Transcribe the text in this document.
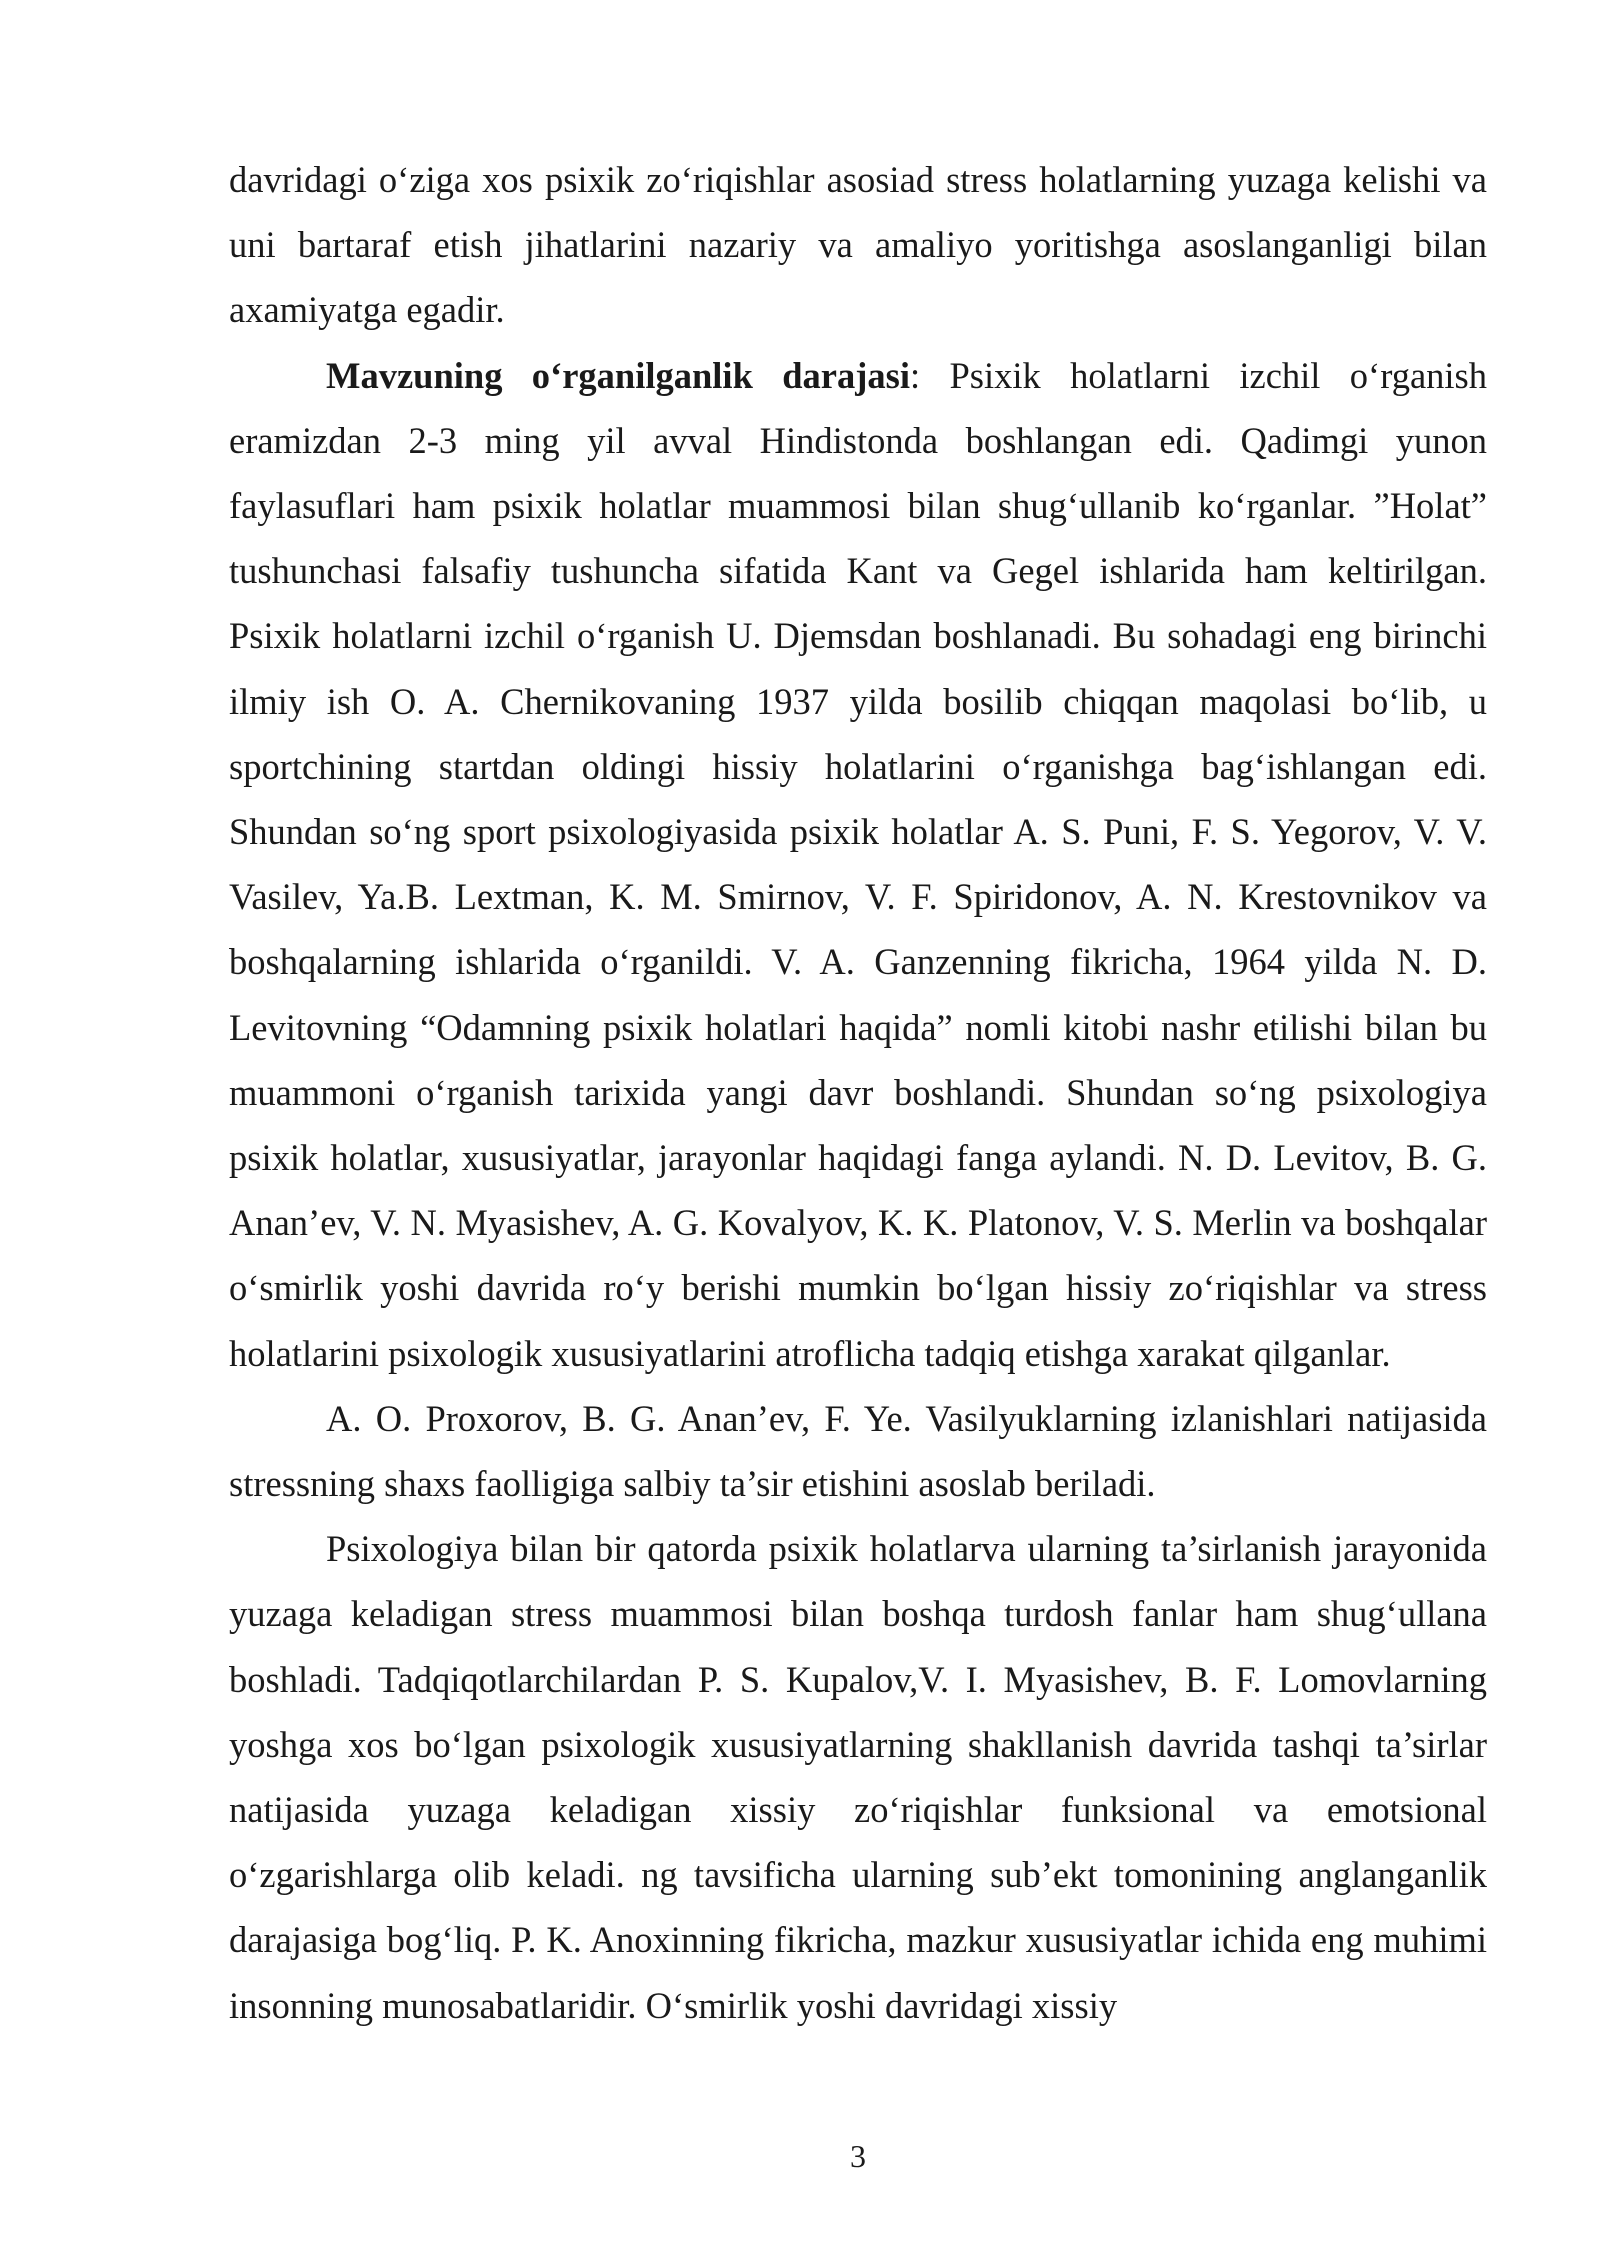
davridagi o‘ziga xos psixik zo‘riqishlar asosiad stress holatlarning yuzaga kelishi va uni bartaraf etish jihatlarini nazariy va amaliyo yoritishga asoslanganligi bilan axamiyatga egadir.

Mavzuning o‘rganilganlik darajasi: Psixik holatlarni izchil o‘rganish eramizdan 2-3 ming yil avval Hindistonda boshlangan edi. Qadimgi yunon faylasuflari ham psixik holatlar muammosi bilan shug‘ullanib ko‘rganlar. ”Holat” tushunchasi falsafiy tushuncha sifatida Kant va Gegel ishlarida ham keltirilgan. Psixik holatlarni izchil o‘rganish U. Djemsdan boshlanadi. Bu sohadagi eng birinchi ilmiy ish O. A. Chernikovaning 1937 yilda bosilib chiqqan maqolasi bo‘lib, u sportchining startdan oldingi hissiy holatlarini o‘rganishga bag‘ishlangan edi. Shundan so‘ng sport psixologiyasida psixik holatlar A. S. Puni, F. S. Yegorov, V. V. Vasilev, Ya.B. Lextman, K. M. Smirnov, V. F. Spiridonov, A. N. Krestovnikov va boshqalarning ishlarida o‘rganildi. V. A. Ganzenning fikricha, 1964 yilda N. D. Levitovning “Odamning psixik holatlari haqida” nomli kitobi nashr etilishi bilan bu muammoni o‘rganish tarixida yangi davr boshlandi. Shundan so‘ng psixologiya psixik holatlar, xususiyatlar, jarayonlar haqidagi fanga aylandi. N. D. Levitov, B. G. Anan’ev, V. N. Myasishev, A. G. Kovalyov, K. K. Platonov, V. S. Merlin va boshqalar o‘smirlik yoshi davrida ro‘y berishi mumkin bo‘lgan hissiy zo‘riqishlar va stress holatlarini psixologik xususiyatlarini atroflicha tadqiq etishga xarakat qilganlar.

A. O. Proxorov, B. G. Anan’ev, F. Ye. Vasilyuklarning izlanishlari natijasida stressning shaxs faolligiga salbiy ta’sir etishini asoslab beriladi.

Psixologiya bilan bir qatorda psixik holatlarva ularning ta’sirlanish jarayonida yuzaga keladigan stress muammosi bilan boshqa turdosh fanlar ham shug‘ullana boshladi. Tadqiqotlarchilardan P. S. Kupalov,V. I. Myasishev, B. F. Lomovlarning yoshga xos bo‘lgan psixologik xususiyatlarning shakllanish davrida tashqi ta’sirlar natijasida yuzaga keladigan xissiy zo‘riqishlar funksional va emotsional o‘zgarishlarga olib keladi. ng tavsificha ularning sub’ekt tomonining anglanganlik darajasiga bog‘liq. P. K. Anoxinning fikricha, mazkur xususiyatlar ichida eng muhimi insonning munosabatlaridir. O‘smirlik yoshi davridagi xissiy

3
